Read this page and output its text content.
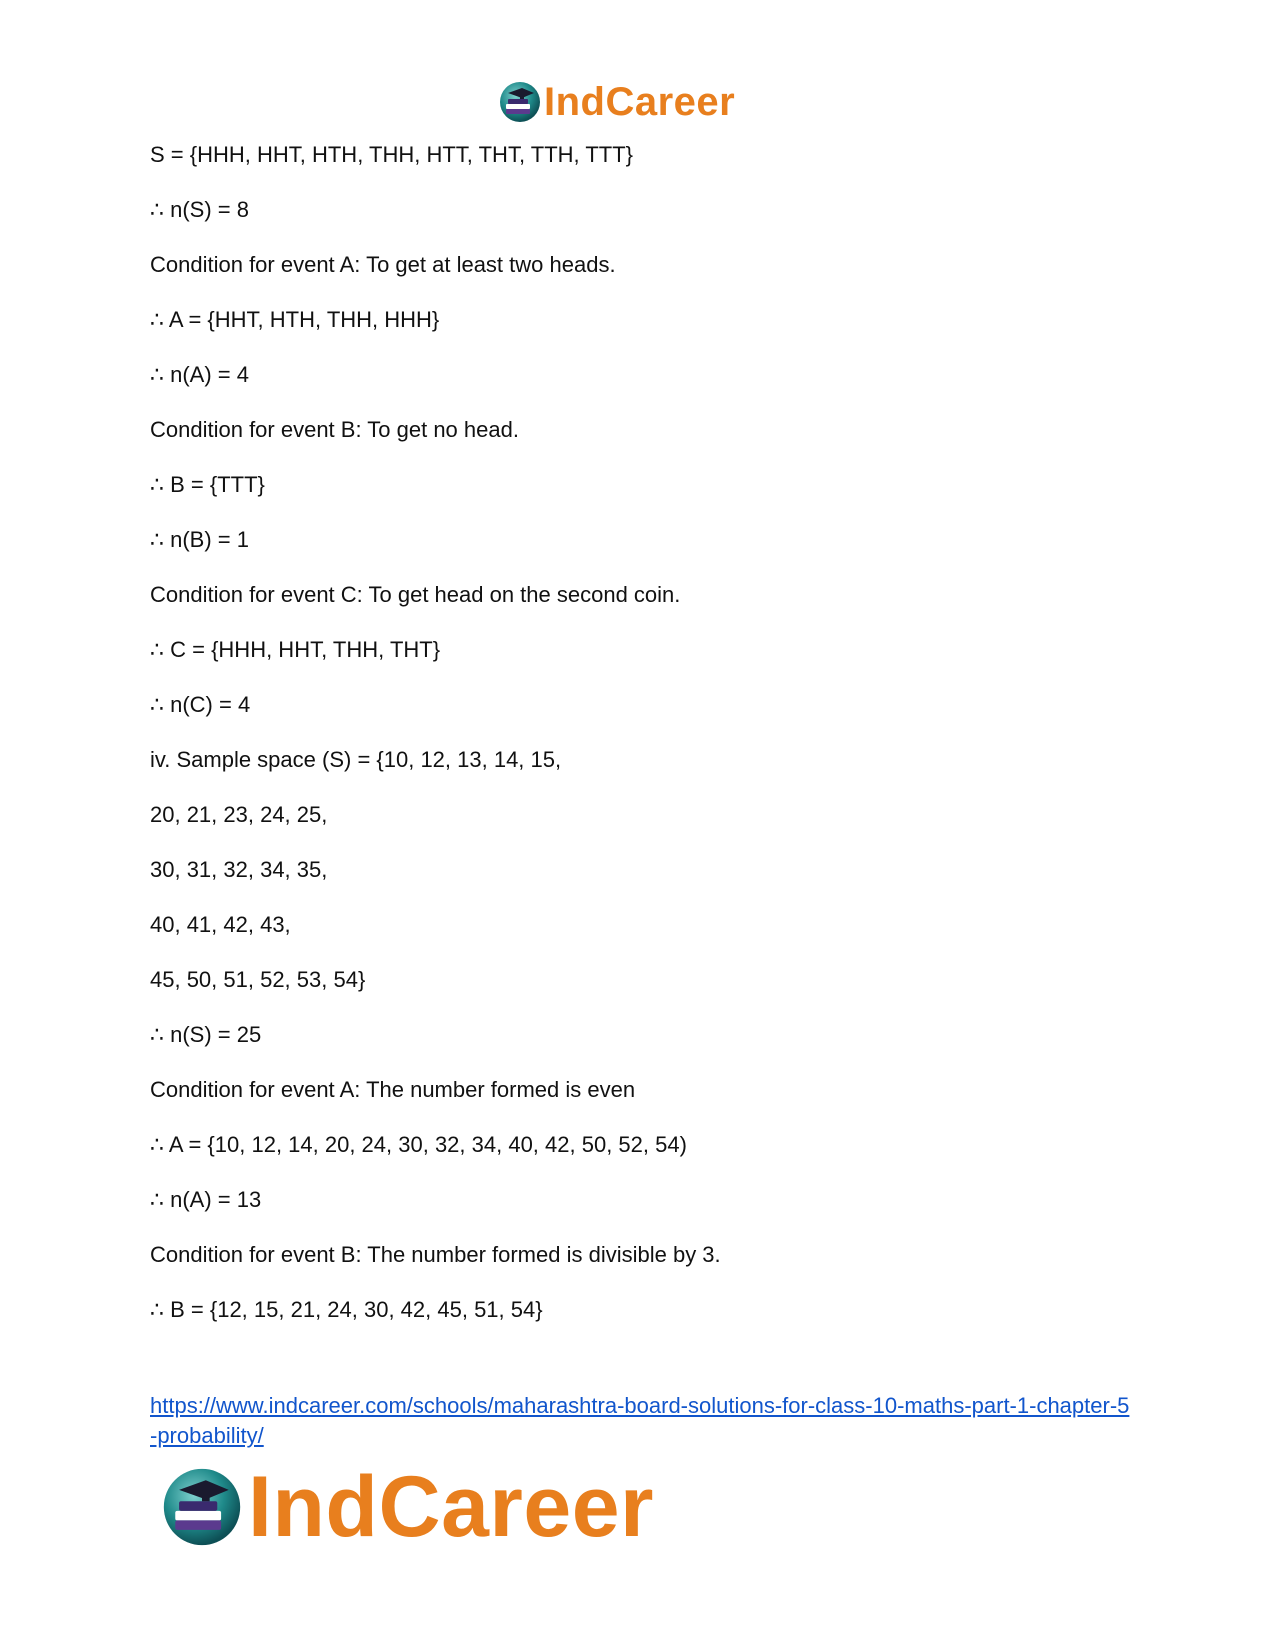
IndCareer
S = {HHH, HHT, HTH, THH, HTT, THT, TTH, TTT}
∴ n(S) = 8
Condition for event A: To get at least two heads.
∴ A = {HHT, HTH, THH, HHH}
∴ n(A) = 4
Condition for event B: To get no head.
∴ B = {TTT}
∴ n(B) = 1
Condition for event C: To get head on the second coin.
∴ C = {HHH, HHT, THH, THT}
∴ n(C) = 4
iv. Sample space (S) = {10, 12, 13, 14, 15,
20, 21, 23, 24, 25,
30, 31, 32, 34, 35,
40, 41, 42, 43,
45, 50, 51, 52, 53, 54}
∴ n(S) = 25
Condition for event A: The number formed is even
∴ A = {10, 12, 14, 20, 24, 30, 32, 34, 40, 42, 50, 52, 54)
∴ n(A) = 13
Condition for event B: The number formed is divisible by 3.
∴ B = {12, 15, 21, 24, 30, 42, 45, 51, 54}
https://www.indcareer.com/schools/maharashtra-board-solutions-for-class-10-maths-part-1-chapter-5-probability/
IndCareer
